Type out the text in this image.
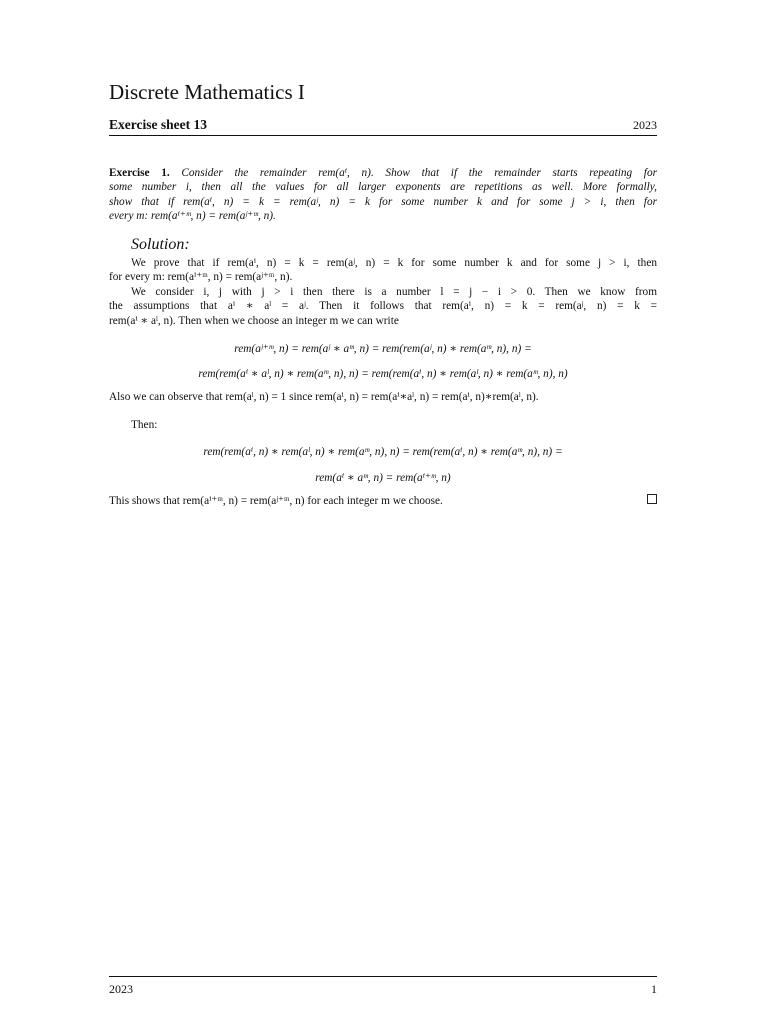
Discrete Mathematics I
Exercise sheet 13	2023
Exercise 1. Consider the remainder rem(aⁱ, n). Show that if the remainder starts repeating for
some number i, then all the values for all larger exponents are repetitions as well. More formally,
show that if rem(aⁱ, n) = k = rem(aʲ, n) = k for some number k and for some j > i, then for
every m: rem(aⁱ⁺ᵐ, n) = rem(aʲ⁺ᵐ, n).
Solution:
We prove that if rem(aⁱ, n) = k = rem(aʲ, n) = k for some number k and for some j > i, then
for every m: rem(aⁱ⁺ᵐ, n) = rem(aʲ⁺ᵐ, n).
We consider i, j with j > i then there is a number l = j − i > 0. Then we know from
the assumptions that aⁱ ∗ aˡ = aʲ. Then it follows that rem(aⁱ, n) = k = rem(aʲ, n) = k =
rem(aⁱ ∗ aˡ, n). Then when we choose an integer m we can write
rem(aʲ⁺ᵐ, n) = rem(aʲ ∗ aᵐ, n) = rem(rem(aʲ, n) ∗ rem(aᵐ, n), n) =
rem(rem(aⁱ ∗ aˡ, n) ∗ rem(aᵐ, n), n) = rem(rem(aⁱ, n) ∗ rem(aˡ, n) ∗ rem(aᵐ, n), n)
Also we can observe that rem(aˡ, n) = 1 since rem(aⁱ, n) = rem(aⁱ∗aˡ, n) = rem(aⁱ, n)∗rem(aˡ, n).
Then:
rem(rem(aⁱ, n) ∗ rem(aˡ, n) ∗ rem(aᵐ, n), n) = rem(rem(aⁱ, n) ∗ rem(aᵐ, n), n) =
rem(aⁱ ∗ aᵐ, n) = rem(aⁱ⁺ᵐ, n)
This shows that rem(aⁱ⁺ᵐ, n) = rem(aʲ⁺ᵐ, n) for each integer m we choose.
2023	1
